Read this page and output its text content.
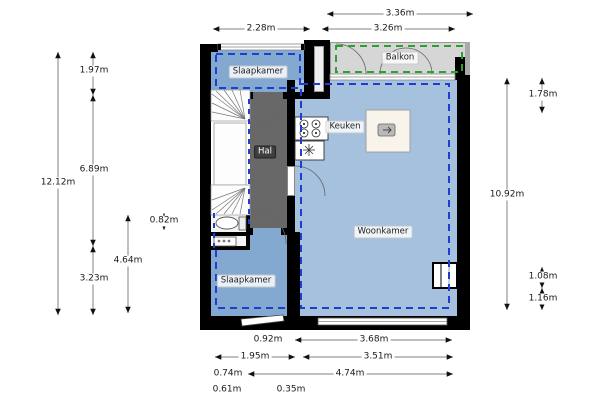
Slaapkamer
Balkon
Keuken
Hal
Woonkamer
Slaapkamer
3.36m
2.28m	3.26m
12.12m
1.97m
6.89m
3.23m
0.82m
4.64m
1.78m
10.92m
1.08m
1.16m
0.92m	3.68m
1.95m	3.51m
0.74m	4.74m
0.61m	0.35m
